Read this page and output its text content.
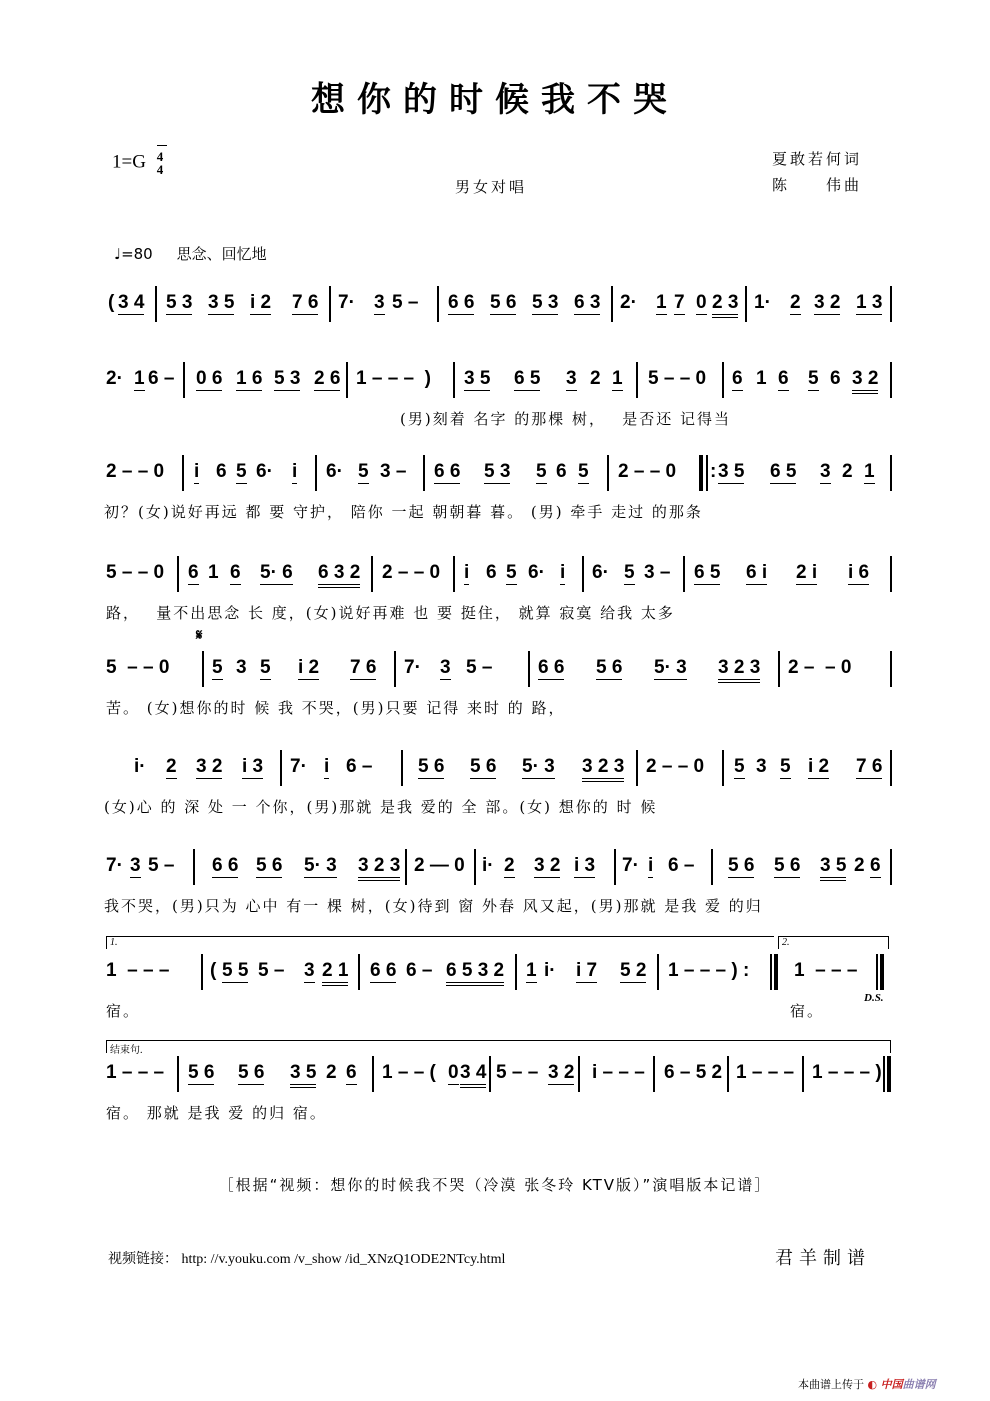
想你的时候我不哭
$1=G \frac{4}{4}$
男女对唱
夏敢若何词
陈　　伟曲
♩=80 思念、回忆地
( 3 4 5 3 3 5 i 2 7 6 7· 3 5 – 6 6 5 6 5 3 6 3 2· 1 7 0 2 3 1· 2 3 2 1 3
2· 1 6 – 0 6 1 6 5 3 2 6 1 – – –  ) 3 5 6 5 3 2 1 5 – – 0 6 1 6 5 6 3 2
(男)刻着 名字 的那棵 树，　 是否还 记得当
2 – – 0 i 6 5 6· i 6· 5 3 – 6 6 5 3 5 6 5 2 – – 0 : 3 5 6 5 3 2 1
初？(女)说好再远 都 要 守护， 陪你 一起 朝朝暮 暮。 (男) 牵手 走过 的那条
5 – – 0 6 1 6 5· 6 6 3 2 2 – – 0 i 6 5 6· i 6· 5 3 – 6 5 6 i 2 i i 6
路，　 量不出思念 长 度，(女)说好再难 也 要 挺住， 就算 寂寞 给我 太多
𝄋
5  – – 0 5 3 5 i 2 7 6 7· 3 5 – 6 6 5 6 5· 3 3 2 3 2 –  – 0
苦。 (女)想你的时 候 我 不哭，(男)只要 记得 来时 的 路，
i· 2 3 2 i 3 7· i 6 – 5 6 5 6 5· 3 3 2 3 2 – – 0 5 3 5 i 2 7 6
(女)心 的 深 处 一 个你，(男)那就 是我 爱的 全 部。(女) 想你的 时 候
7· 3 5 – 6 6 5 6 5· 3 3 2 3 2 — 0 i· 2 3 2 i 3 7· i 6 – 5 6 5 6 3 5 2 6
我不哭，(男)只为 心中 有一 棵 树，(女)待到 窗 外春 风又起，(男)那就 是我 爱 的归
1.	2.
1  – – – ( 5 5 5 – 3 2 1 6 6 6 – 6 5 3 2 1 i· i 7 5 2 1 – – – ) : 1  – – –
宿。	宿。
D.S.
结束句.
1 – – – 5 6 5 6 3 5 2 6 1 – – ( 0 3 4 5 – – 3 2 i – – – 6 – 5 2 1 – – – 1 – – – )
宿。 那就 是我 爱 的归 宿。
［根据“视频：想你的时候我不哭（冷漠 张冬玲 KTV版）”演唱版本记谱］
视频链接： http: //v.youku.com /v_show /id_XNzQ1ODE2NTcy.html	君羊制谱
本曲谱上传于 ◐ 中国曲谱网
